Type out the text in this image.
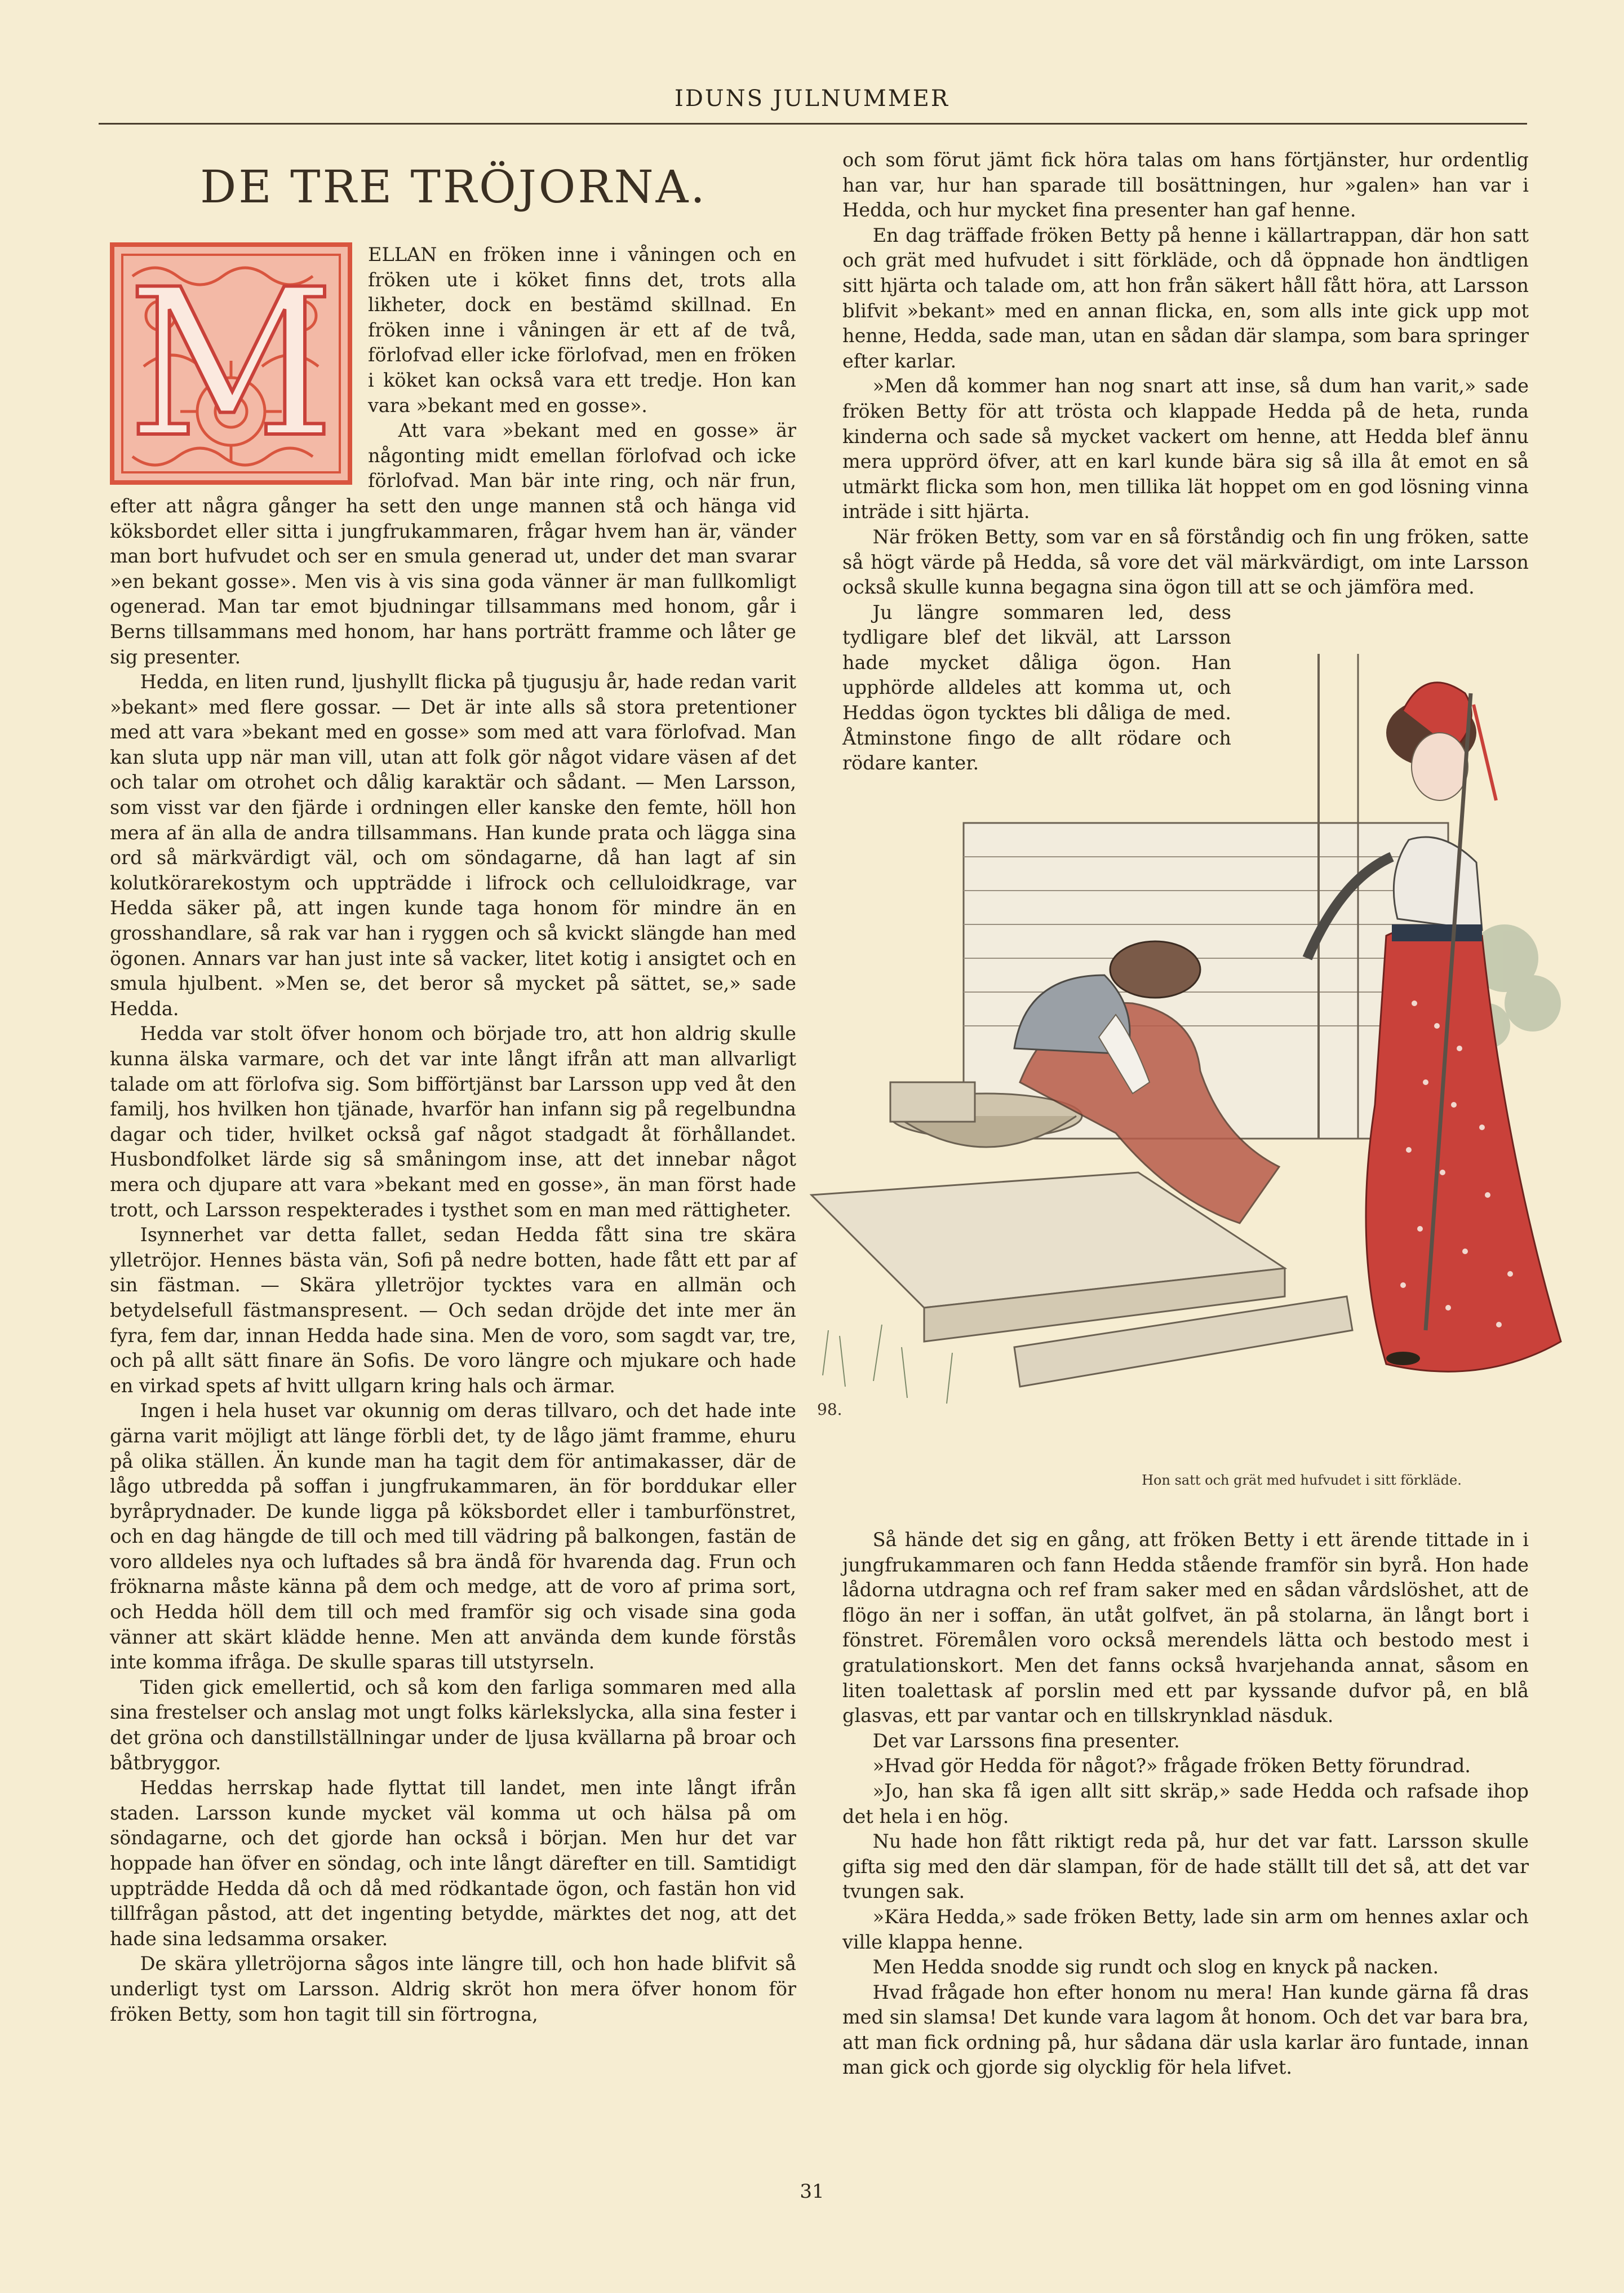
IDUNS JULNUMMER
DE TRE TRÖJORNA.
M	ELLAN en fröken inne i våningen och en fröken ute i köket finns det, trots alla likheter, dock en bestämd skillnad. En fröken inne i våningen är ett af de två, förlofvad eller icke förlofvad, men en fröken i köket kan också vara ett tredje. Hon kan vara »bekant med en gosse».

Att vara »bekant med en gosse» är någonting midt emellan förlofvad och icke förlofvad. Man bär inte ring, och när frun, efter att några gånger ha sett den unge mannen stå och hänga vid köksbordet eller sitta i jungfrukammaren, frågar hvem han är, vänder man bort hufvudet och ser en smula generad ut, under det man svarar »en bekant gosse». Men vis à vis sina goda vänner är man fullkomligt ogenerad. Man tar emot bjudningar tillsammans med honom, går i Berns tillsammans med honom, har hans porträtt framme och låter ge sig presenter.

Hedda, en liten rund, ljushyllt flicka på tjugusju år, hade redan varit »bekant» med flere gossar. — Det är inte alls så stora pretentioner med att vara »bekant med en gosse» som med att vara förlofvad. Man kan sluta upp när man vill, utan att folk gör något vidare väsen af det och talar om otrohet och dålig karaktär och sådant. — Men Larsson, som visst var den fjärde i ordningen eller kanske den femte, höll hon mera af än alla de andra tillsammans. Han kunde prata och lägga sina ord så märkvärdigt väl, och om söndagarne, då han lagt af sin kolutkörarekostym och uppträdde i lifrock och celluloidkrage, var Hedda säker på, att ingen kunde taga honom för mindre än en grosshandlare, så rak var han i ryggen och så kvickt slängde han med ögonen. Annars var han just inte så vacker, litet kotig i ansigtet och en smula hjulbent. »Men se, det beror så mycket på sättet, se,» sade Hedda.

Hedda var stolt öfver honom och började tro, att hon aldrig skulle kunna älska varmare, och det var inte långt ifrån att man allvarligt talade om att förlofva sig. Som bifförtjänst bar Larsson upp ved åt den familj, hos hvilken hon tjänade, hvarför han infann sig på regelbundna dagar och tider, hvilket också gaf något stadgadt åt förhållandet. Husbondfolket lärde sig så småningom inse, att det innebar något mera och djupare att vara »bekant med en gosse», än man först hade trott, och Larsson respekterades i tysthet som en man med rättigheter.

Isynnerhet var detta fallet, sedan Hedda fått sina tre skära ylletröjor. Hennes bästa vän, Sofi på nedre botten, hade fått ett par af sin fästman. — Skära ylletröjor tycktes vara en allmän och betydelsefull fästmanspresent. — Och sedan dröjde det inte mer än fyra, fem dar, innan Hedda hade sina. Men de voro, som sagdt var, tre, och på allt sätt finare än Sofis. De voro längre och mjukare och hade en virkad spets af hvitt ullgarn kring hals och ärmar.

Ingen i hela huset var okunnig om deras tillvaro, och det hade inte gärna varit möjligt att länge förbli det, ty de lågo jämt framme, ehuru på olika ställen. Än kunde man ha tagit dem för antimakasser, där de lågo utbredda på soffan i jungfrukammaren, än för borddukar eller byråprydnader. De kunde ligga på köksbordet eller i tamburfönstret, och en dag hängde de till och med till vädring på balkongen, fastän de voro alldeles nya och luftades så bra ändå för hvarenda dag. Frun och fröknarna måste känna på dem och medge, att de voro af prima sort, och Hedda höll dem till och med framför sig och visade sina goda vänner att skärt klädde henne. Men att använda dem kunde förstås inte komma ifråga. De skulle sparas till utstyrseln.

Tiden gick emellertid, och så kom den farliga sommaren med alla sina frestelser och anslag mot ungt folks kärlekslycka, alla sina fester i det gröna och danstillställningar under de ljusa kvällarna på broar och båtbryggor.

Heddas herrskap hade flyttat till landet, men inte långt ifrån staden. Larsson kunde mycket väl komma ut och hälsa på om söndagarne, och det gjorde han också i början. Men hur det var hoppade han öfver en söndag, och inte långt därefter en till. Samtidigt uppträdde Hedda då och då med rödkantade ögon, och fastän hon vid tillfrågan påstod, att det ingenting betydde, märktes det nog, att det hade sina ledsamma orsaker.

De skära ylletröjorna sågos inte längre till, och hon hade blifvit så underligt tyst om Larsson. Aldrig skröt hon mera öfver honom för fröken Betty, som hon tagit till sin förtrogna,

och som förut jämt fick höra talas om hans förtjänster, hur ordentlig han var, hur han sparade till bosättningen, hur »galen» han var i Hedda, och hur mycket fina presenter han gaf henne.

En dag träffade fröken Betty på henne i källartrappan, där hon satt och grät med hufvudet i sitt förkläde, och då öppnade hon ändtligen sitt hjärta och talade om, att hon från säkert håll fått höra, att Larsson blifvit »bekant» med en annan flicka, en, som alls inte gick upp mot henne, Hedda, sade man, utan en sådan där slampa, som bara springer efter karlar.

»Men då kommer han nog snart att inse, så dum han varit,» sade fröken Betty för att trösta och klappade Hedda på de heta, runda kinderna och sade så mycket vackert om henne, att Hedda blef ännu mera upprörd öfver, att en karl kunde bära sig så illa åt emot en så utmärkt flicka som hon, men tillika lät hoppet om en god lösning vinna inträde i sitt hjärta.

När fröken Betty, som var en så förståndig och fin ung fröken, satte så högt värde på Hedda, så vore det väl märkvärdigt, om inte Larsson också skulle kunna begagna sina ögon till att se och jämföra med.

Ju längre sommaren led, dess tydligare blef det likväl, att Larsson hade mycket dåliga ögon. Han upphörde alldeles att komma ut, och Heddas ögon tycktes bli dåliga de med. Åtminstone fingo de allt rödare och rödare kanter.

98.
Hon satt och grät med hufvudet i sitt förkläde.

Så hände det sig en gång, att fröken Betty i ett ärende tittade in i jungfrukammaren och fann Hedda stående framför sin byrå. Hon hade lådorna utdragna och ref fram saker med en sådan vårdslöshet, att de flögo än ner i soffan, än utåt golfvet, än på stolarna, än långt bort i fönstret. Föremålen voro också merendels lätta och bestodo mest i gratulationskort. Men det fanns också hvarjehanda annat, såsom en liten toalettask af porslin med ett par kyssande dufvor på, en blå glasvas, ett par vantar och en tillskrynklad näsduk.

Det var Larssons fina presenter.

»Hvad gör Hedda för något?» frågade fröken Betty förundrad.

»Jo, han ska få igen allt sitt skräp,» sade Hedda och rafsade ihop det hela i en hög.

Nu hade hon fått riktigt reda på, hur det var fatt. Larsson skulle gifta sig med den där slampan, för de hade ställt till det så, att det var tvungen sak.

»Kära Hedda,» sade fröken Betty, lade sin arm om hennes axlar och ville klappa henne.

Men Hedda snodde sig rundt och slog en knyck på nacken.

Hvad frågade hon efter honom nu mera! Han kunde gärna få dras med sin slamsa! Det kunde vara lagom åt honom. Och det var bara bra, att man fick ordning på, hur sådana där usla karlar äro funtade, innan man gick och gjorde sig olycklig för hela lifvet.

31
